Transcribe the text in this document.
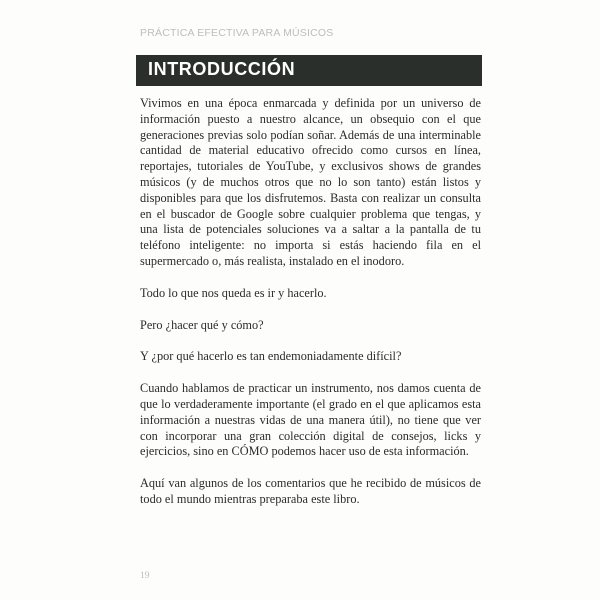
PRÁCTICA EFECTIVA PARA MÚSICOS
INTRODUCCIÓN

Vivimos en una época enmarcada y definida por un universo de información puesto a nuestro alcance, un obsequio con el que generaciones previas solo podían soñar. Además de una interminable cantidad de material educativo ofrecido como cursos en línea, reportajes, tutoriales de YouTube, y exclusivos shows de grandes músicos (y de muchos otros que no lo son tanto) están listos y disponibles para que los disfrutemos. Basta con realizar un consulta en el buscador de Google sobre cualquier problema que tengas, y una lista de potenciales soluciones va a saltar a la pantalla de tu teléfono inteligente: no importa si estás haciendo fila en el supermercado o, más realista, instalado en el inodoro.

Todo lo que nos queda es ir y hacerlo.

Pero ¿hacer qué y cómo?

Y ¿por qué hacerlo es tan endemoniadamente difícil?

Cuando hablamos de practicar un instrumento, nos damos cuenta de que lo verdaderamente importante (el grado en el que aplicamos esta información a nuestras vidas de una manera útil), no tiene que ver con incorporar una gran colección digital de consejos, licks y ejercicios, sino en CÓMO podemos hacer uso de esta información.

Aquí van algunos de los comentarios que he recibido de músicos de todo el mundo mientras preparaba este libro.

19
